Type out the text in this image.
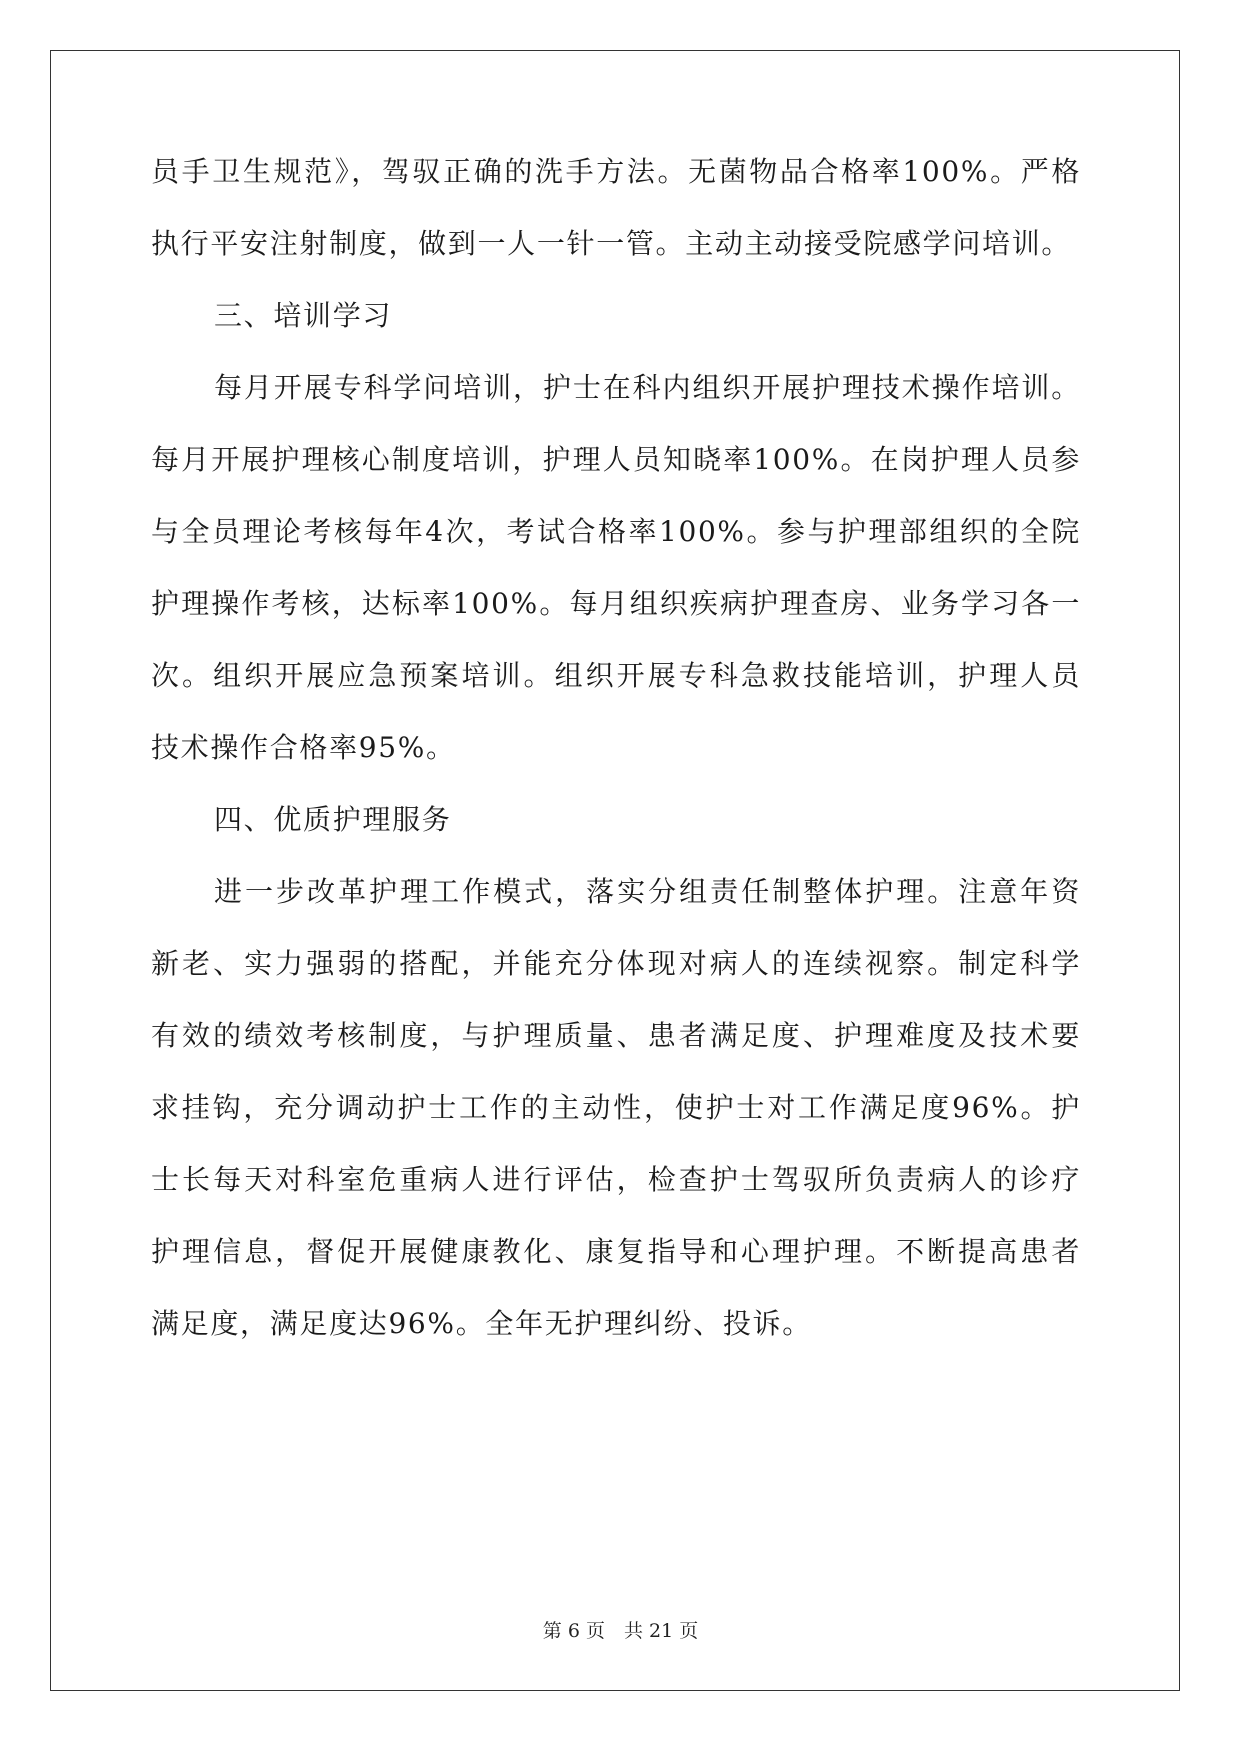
员手卫生规范》，驾驭正确的洗手方法。无菌物品合格率100%。严格
执行平安注射制度，做到一人一针一管。主动主动接受院感学问培训。
三、培训学习
每月开展专科学问培训，护士在科内组织开展护理技术操作培训。
每月开展护理核心制度培训，护理人员知晓率100%。在岗护理人员参
与全员理论考核每年4次，考试合格率100%。参与护理部组织的全院
护理操作考核，达标率100%。每月组织疾病护理查房、业务学习各一
次。组织开展应急预案培训。组织开展专科急救技能培训，护理人员
技术操作合格率95%。
四、优质护理服务
进一步改革护理工作模式，落实分组责任制整体护理。注意年资
新老、实力强弱的搭配，并能充分体现对病人的连续视察。制定科学
有效的绩效考核制度，与护理质量、患者满足度、护理难度及技术要
求挂钩，充分调动护士工作的主动性，使护士对工作满足度96%。护
士长每天对科室危重病人进行评估，检查护士驾驭所负责病人的诊疗
护理信息，督促开展健康教化、康复指导和心理护理。不断提高患者
满足度，满足度达96%。全年无护理纠纷、投诉。
第 6 页　共 21 页
